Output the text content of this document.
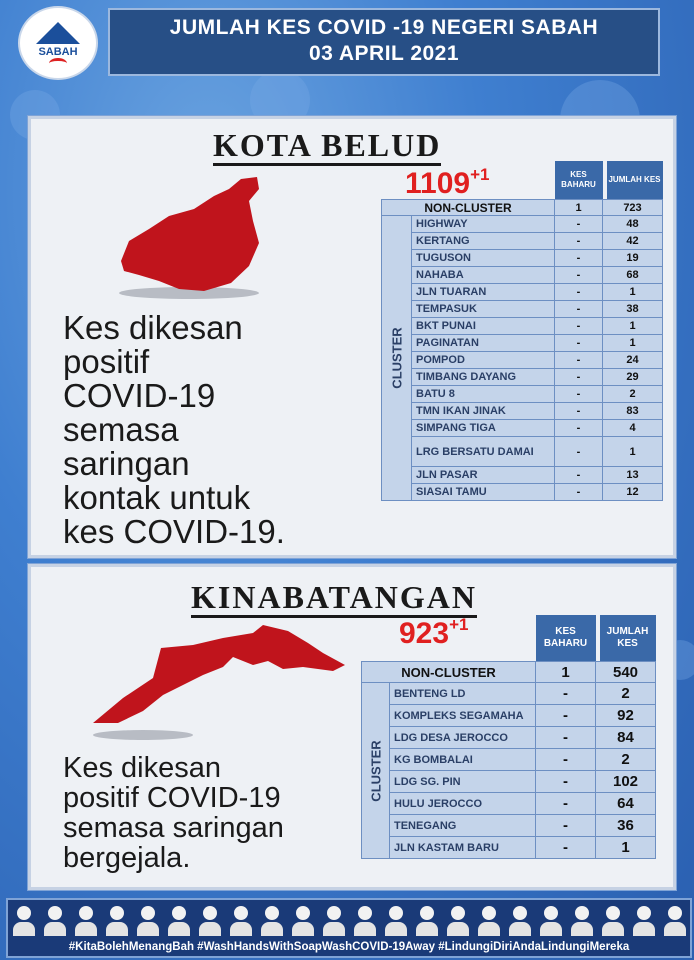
SABAH
JUMLAH KES COVID -19 NEGERI SABAH
03 APRIL 2021
KOTA BELUD
$1109^{+1}$
Kes dikesan
positif
COVID-19
semasa
saringan
kontak untuk
kes COVID-19.
		KES BAHARU		JUMLAH KES
NON-CLUSTER		1	723	

CLUSTER	HIGHWAY	-	48	
	KERTANG	-	42	
	TUGUSON	-	19	
	NAHABA	-	68	
	JLN TUARAN	-	1	
	TEMPASUK	-	38	
	BKT PUNAI	-	1	
	PAGINATAN	-	1	
	POMPOD	-	24	
	TIMBANG DAYANG	-	29	
	BATU 8	-	2	
	TMN IKAN JINAK	-	83	
	SIMPANG TIGA	-	4	
	LRG BERSATU DAMAI	-	1	
	JLN PASAR	-	13	
	SIASAI TAMU	-	12	
KINABATANGAN
$923^{+1}$
Kes dikesan
positif COVID-19
semasa saringan
bergejala.
		KES BAHARU		JUMLAH KES
NON-CLUSTER		1	540	

CLUSTER	BENTENG LD	-	2	
	KOMPLEKS SEGAMAHA	-	92	
	LDG DESA JEROCCO	-	84	
	KG BOMBALAI	-	2	
	LDG SG. PIN	-	102	
	HULU JEROCCO	-	64	
	TENEGANG	-	36	
	JLN KASTAM BARU	-	1	
#KitaBolehMenangBah #WashHandsWithSoapWashCOVID-19Away #LindungiDiriAndaLindungiMereka
